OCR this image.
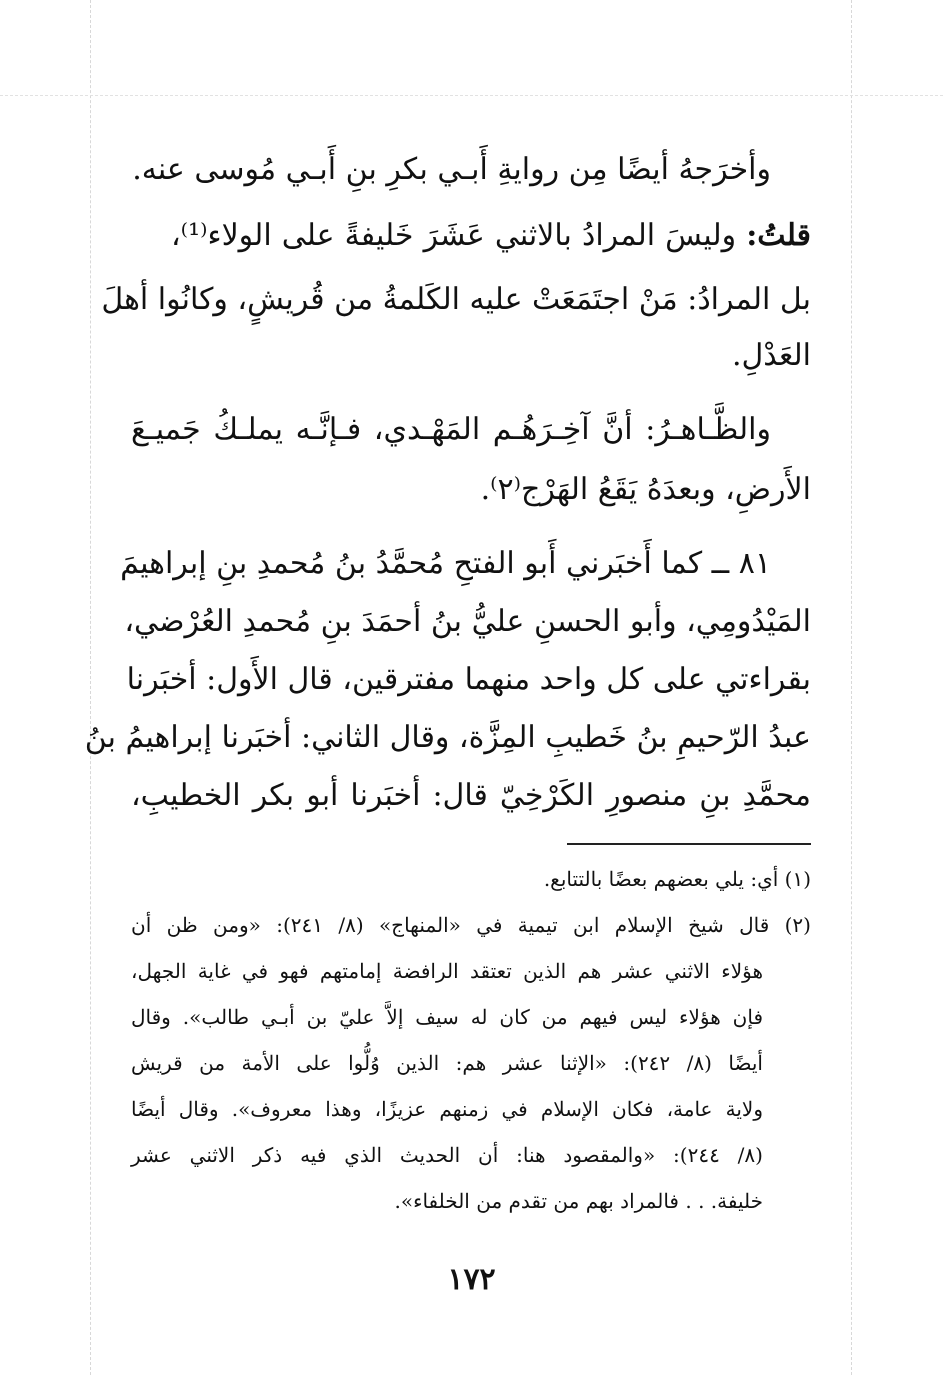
وأخرَجهُ أيضًا مِن روايةِ أَبـي بكرِ بنِ أَبـي مُوسى عنه.
قلتُ: وليسَ المرادُ بالاثني عَشَرَ خَليفةً على الولاء⁽¹⁾،
بل المرادُ: مَنْ اجتَمَعَتْ عليه الكَلمةُ من قُريشٍ، وكانُوا أهلَ
العَدْلِ.
والظَّـاهـرُ: أنَّ آخِـرَهُـم المَهْـدي، فـإنَّـه يملـكُ جَميـعَ
الأَرضِ، وبعدَهُ يَقَعُ الهَرْج⁽٢⁾.
٨١ ــ كما أَخبَرني أَبو الفتحِ مُحمَّدُ بنُ مُحمدِ بنِ إبراهيمَ
المَيْدُومِي، وأبو الحسنِ عليُّ بنُ أحمَدَ بنِ مُحمدِ العُرْضي،
بقراءتي على كل واحد منهما مفترقين، قال الأَول: أخبَرنا
عبدُ الرّحيمِ بنُ خَطيبِ المِزَّة، وقال الثاني: أخبَرنا إبراهيمُ بنُ
محمَّدِ بنِ منصورِ الكَرْخِيّ قال: أخبَرنا أبو بكر الخطيبِ،
(١) أي: يلي بعضهم بعضًا بالتتابع.
(٢) قال شيخ الإسلام ابن تيمية في «المنهاج» (٨/ ٢٤١): «ومن ظن أن
هؤلاء الاثني عشر هم الذين تعتقد الرافضة إمامتهم فهو في غاية الجهل،
فإن هؤلاء ليس فيهم من كان له سيف إلاَّ عليّ بن أبـي طالب». وقال
أيضًا (٨/ ٢٤٢): «الإثنا عشر هم: الذين وُلُّوا على الأمة من قريش
ولاية عامة، فكان الإسلام في زمنهم عزيزًا، وهذا معروف». وقال أيضًا
(٨/ ٢٤٤): «والمقصود هنا: أن الحديث الذي فيه ذكر الاثني عشر
خليفة. . . فالمراد بهم من تقدم من الخلفاء».
١٧٢
